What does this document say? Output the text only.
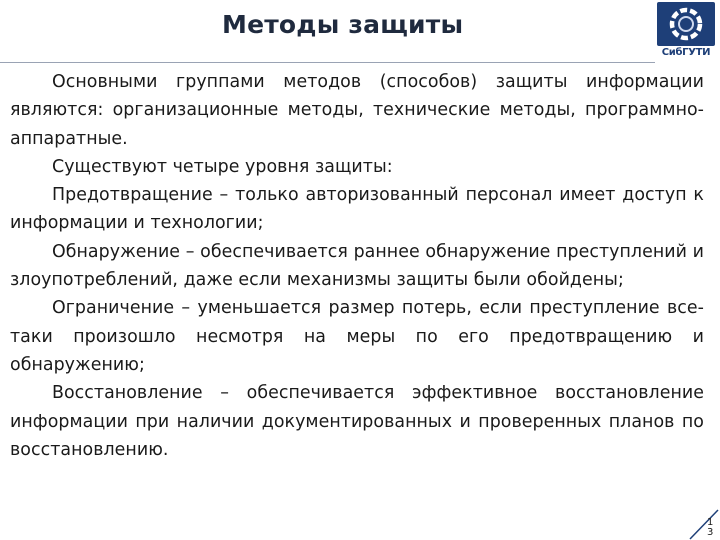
Методы защиты
СибГУТИ

Основными группами методов (способов) защиты информации являются: организационные методы, технические методы, программно-аппаратные.

Существуют четыре уровня защиты:

Предотвращение – только авторизованный персонал имеет доступ к информации и технологии;

Обнаружение – обеспечивается раннее обнаружение преступлений и злоупотреблений, даже если механизмы защиты были обойдены;

Ограничение – уменьшается размер потерь, если преступление все- таки произошло несмотря на меры по его предотвращению и обнаружению;

Восстановление – обеспечивается эффективное восстановление информации при наличии документированных и проверенных планов по восстановлению.

13
